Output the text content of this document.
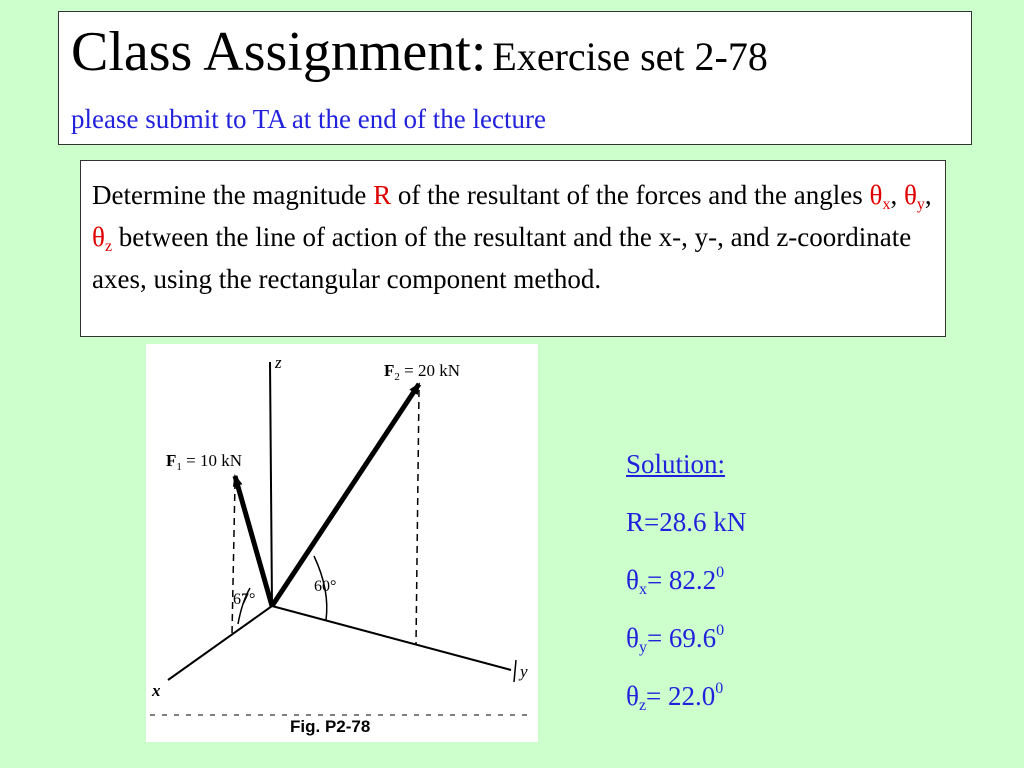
Class Assignment: Exercise set 2-78
please submit to TA at the end of the lecture
Determine the magnitude R of the resultant of the forces and the angles $\theta_x$, $\theta_y$, $\theta_z$ between the line of action of the resultant and the x-, y-, and z-coordinate axes, using the rectangular component method.
z
x
y
$F_1 = 10$ kN
$F_2 = 20$ kN
67°
60°
Fig. P2-78
Solution:
R=28.6 kN
$\theta_x= 82.2^0$
$\theta_y= 69.6^0$
$\theta_z= 22.0^0$
